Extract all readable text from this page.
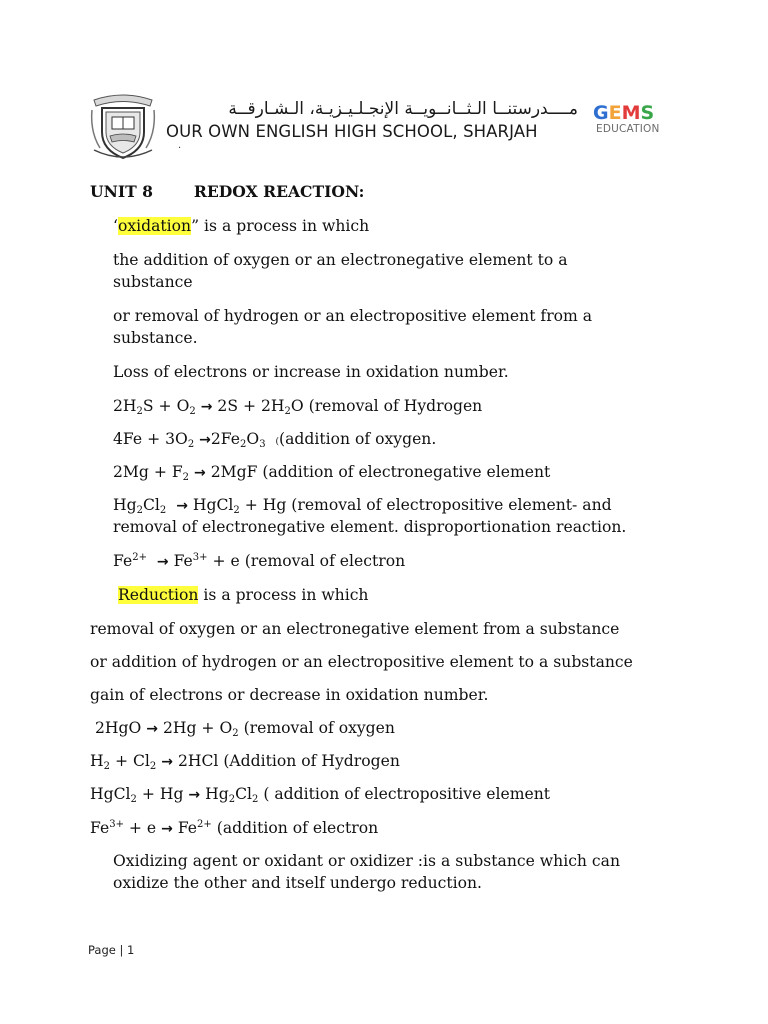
مــــدرستنــا الـثــانــويــة الإنجـلـيـزيـة، الـشـارقــة
OUR OWN ENGLISH HIGH SCHOOL, SHARJAH
.
GEMS
EDUCATION
UNIT 8	REDOX REACTION:
‘oxidation” is a process in which
the addition of oxygen or an electronegative element to a
substance
or removal of hydrogen or an electropositive element from a
substance.
Loss of electrons or increase in oxidation number.
$2H_2S + O_2 \to 2S + 2H_2O$ (removal of Hydrogen
$4Fe + 3O_2 \to 2Fe_2O_3$ ((addition of oxygen.
$2Mg + F_2 \to 2MgF$ (addition of electronegative element
$Hg_2Cl_2$ → HgCl$_2$ + Hg (removal of electropositive element- and
removal of electronegative element. disproportionation reaction.
$Fe^{2+} \to Fe^{3+} + e$ (removal of electron
Reduction is a process in which
removal of oxygen or an electronegative element from a substance
or addition of hydrogen or an electropositive element to a substance
gain of electrons or decrease in oxidation number.
$2HgO \to 2Hg + O_2$ (removal of oxygen
$H_2 + Cl_2 \to 2HCl$ (Addition of Hydrogen
HgCl$_2$ + $Hg \to Hg_2Cl_2$ ( addition of electropositive element
$Fe^{3+} + e \to Fe^{2+}$ (addition of electron
Oxidizing agent or oxidant or oxidizer :is a substance which can
oxidize the other and itself undergo reduction.
Page | 1
